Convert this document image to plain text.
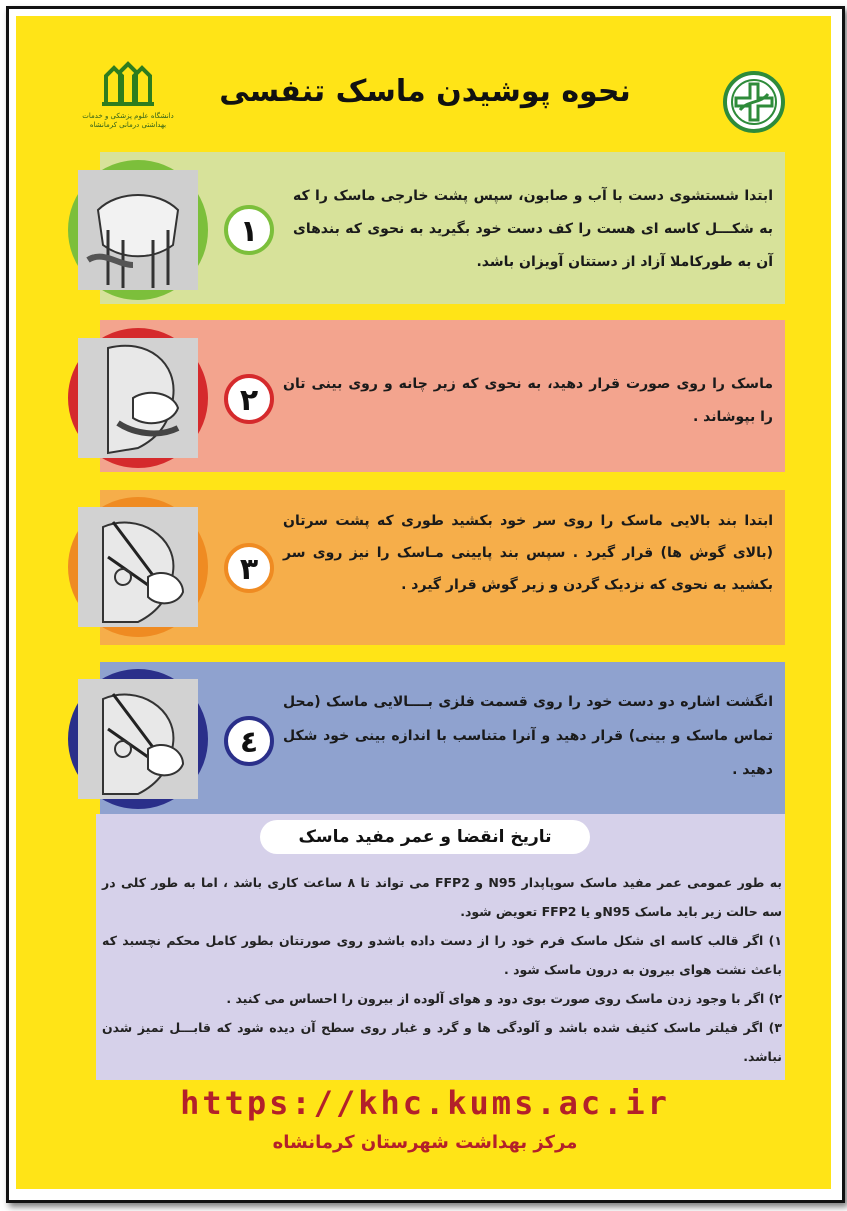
دانشگاه علوم پزشکی و خدمات بهداشتی درمانی کرمانشاه
نحوه پوشیدن ماسک تنفسی
ابتدا شستشوی دست با آب و صابون، سپس پشت خارجی ماسک را که به شکـــل کاسه ای هست را کف دست خود بگیرید به نحوی که بندهای آن به طورکاملا آزاد از دستتان آویزان باشد.
ماسک را روی صورت قرار دهید، به نحوی که زیر چانه و روی بینی تان را بپوشاند .
ابتدا بند بالایی ماسک را روی سر خود بکشید طوری که پشت سرتان (بالای گوش ها) قرار گیرد . سپس بند پایینی مـاسک را نیز روی سر بکشید به نحوی که نزدیک گردن و زیر گوش قرار گیرد .
انگشت اشاره دو دست خود را روی قسمت فلزی بــــالایی ماسک (محل تماس ماسک و بینی) قرار دهید و آنرا متناسب با اندازه بینی خود شکل دهید .
١
٢
٣
٤
تاریخ انقضا و عمر مفید ماسک

به طور عمومی عمر مفید ماسک سوپاپدار N95 و FFP2 می تواند تا ۸ ساعت کاری باشد ، اما به طور کلی در سه حالت زیر باید ماسک N95و یا FFP2 تعویض شود.

۱) اگر قالب کاسه ای شکل ماسک فرم خود را از دست داده باشدو روی صورتتان بطور کامل محکم نچسبد که باعث نشت هوای بیرون به درون ماسک شود .

۲) اگر با وجود زدن ماسک روی صورت بوی دود و هوای آلوده از بیرون را احساس می کنید .

۳) اگر فیلتر ماسک کثیف شده باشد و آلودگی ها و گرد و غبار روی سطح آن دیده شود که قابـــل تمیز شدن نباشد.

https://khc.kums.ac.ir
مرکز بهداشت شهرستان کرمانشاه
